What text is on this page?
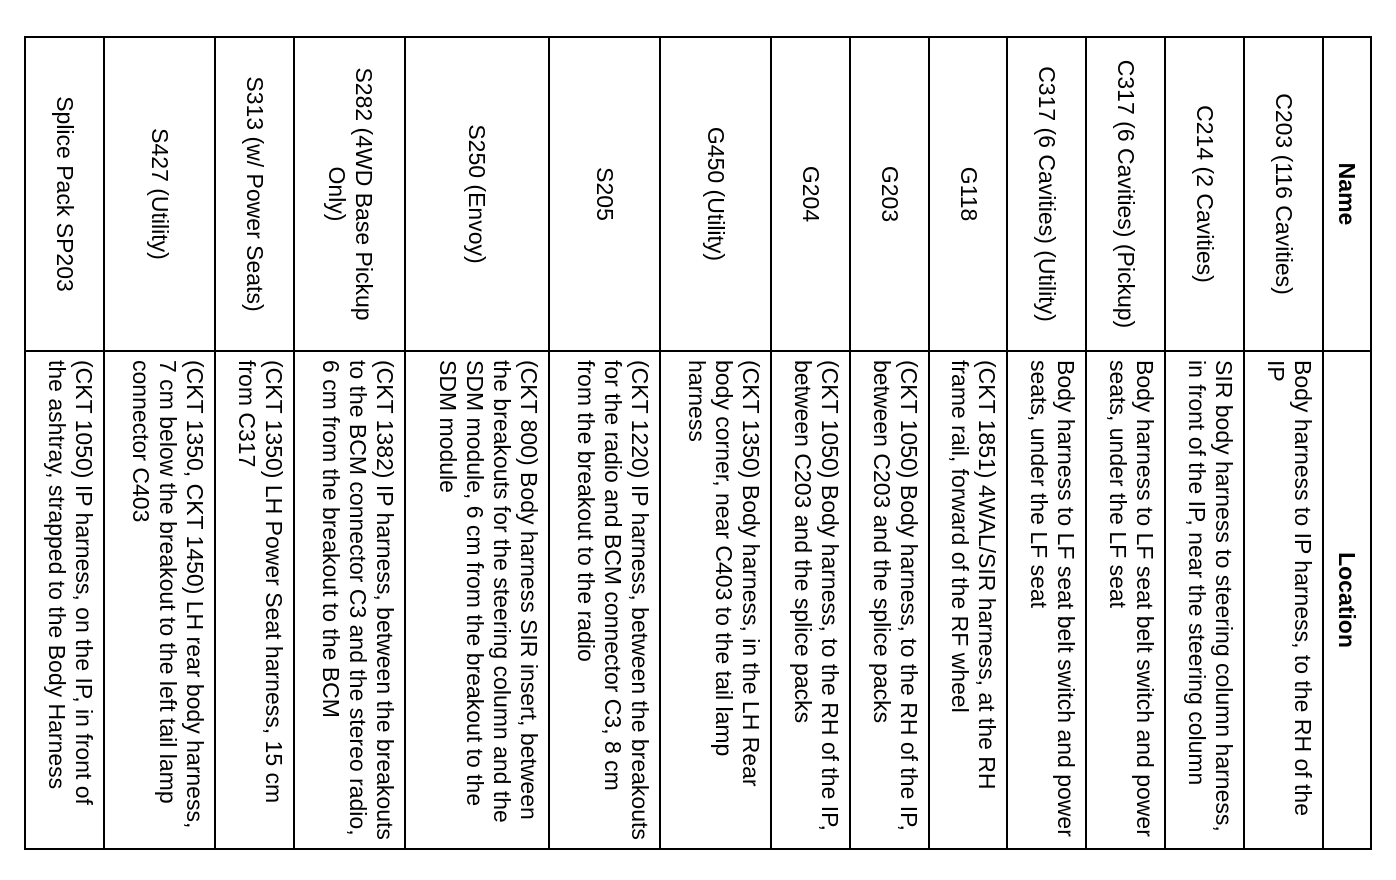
Name	Location
C203 (116 Cavities)	Body harness to IP harness, to the RH of the IP
C214 (2 Cavities)	SIR body harness to steering column harness, in front of the IP, near the steering column
C317 (6 Cavities) (Pickup)	Body harness to LF seat belt switch and power seats, under the LF seat
C317 (6 Cavities) (Utility)	Body harness to LF seat belt switch and power seats, under the LF seat
G118	(CKT 1851) 4WAL/SIR harness, at the RH frame rail, forward of the RF wheel
G203	(CKT 1050) Body harness, to the RH of the IP, between C203 and the splice packs
G204	(CKT 1050) Body harness, to the RH of the IP, between C203 and the splice packs
G450 (Utility)	(CKT 1350) Body harness, in the LH Rear body corner, near C403 to the tail lamp harness
S205	(CKT 1220) IP harness, between the breakouts for the radio and BCM connector C3, 8 cm from the breakout to the radio
S250 (Envoy)	(CKT 800) Body harness SIR insert, between the breakouts for the steering column and the SDM module, 6 cm from the breakout to the SDM module
S282 (4WD Base Pickup Only)	(CKT 1382) IP harness, between the breakouts to the BCM connector C3 and the stereo radio, 6 cm from the breakout to the BCM
S313 (w/ Power Seats)	(CKT 1350) LH Power Seat harness, 15 cm from C317
S427 (Utility)	(CKT 1350, CKT 1450) LH rear body harness, 7 cm below the breakout to the left tail lamp connector C403
Splice Pack SP203	(CKT 1050) IP harness, on the IP, in front of the ashtray, strapped to the Body Harness
